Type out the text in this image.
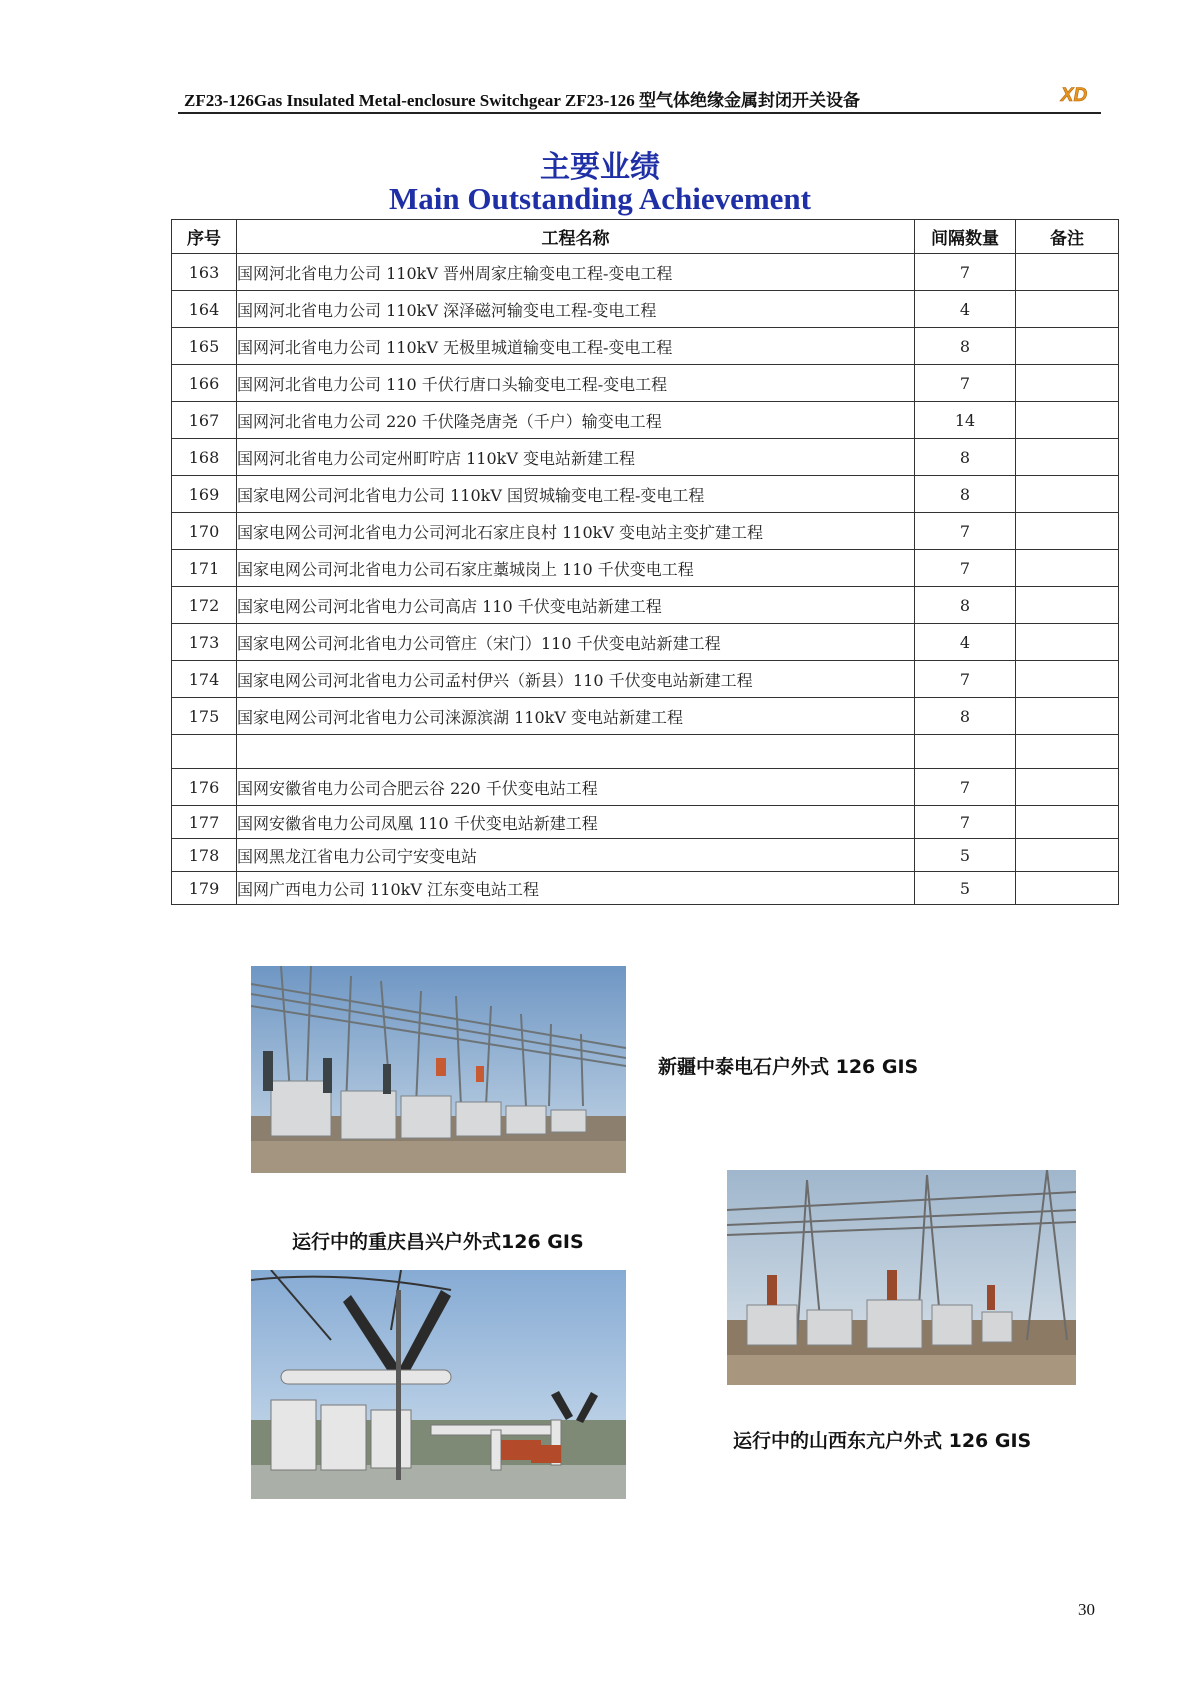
ZF23-126Gas Insulated Metal-enclosure Switchgear ZF23-126 型气体绝缘金属封闭开关设备	XD
主要业绩
Main Outstanding Achievement
序号	工程名称	间隔数量	备注
163	国网河北省电力公司 110kV 晋州周家庄输变电工程-变电工程	7	
164	国网河北省电力公司 110kV 深泽磁河输变电工程-变电工程	4	
165	国网河北省电力公司 110kV 无极里城道输变电工程-变电工程	8	
166	国网河北省电力公司 110 千伏行唐口头输变电工程-变电工程	7	
167	国网河北省电力公司 220 千伏隆尧唐尧（千户）输变电工程	14	
168	国网河北省电力公司定州町咛店 110kV 变电站新建工程	8	
169	国家电网公司河北省电力公司 110kV 国贸城输变电工程-变电工程	8	
170	国家电网公司河北省电力公司河北石家庄良村 110kV 变电站主变扩建工程	7	
171	国家电网公司河北省电力公司石家庄藁城岗上 110 千伏变电工程	7	
172	国家电网公司河北省电力公司高店 110 千伏变电站新建工程	8	
173	国家电网公司河北省电力公司管庄（宋门）110 千伏变电站新建工程	4	
174	国家电网公司河北省电力公司孟村伊兴（新县）110 千伏变电站新建工程	7	
175	国家电网公司河北省电力公司涞源滨湖 110kV 变电站新建工程	8	

176	国网安徽省电力公司合肥云谷 220 千伏变电站工程	7	
177	国网安徽省电力公司凤凰 110 千伏变电站新建工程	7	
178	国网黑龙江省电力公司宁安变电站	5	
179	国网广西电力公司 110kV 江东变电站工程	5	
新疆中泰电石户外式 126 GIS
运行中的重庆昌兴户外式126 GIS
运行中的山西东亢户外式 126 GIS
30
